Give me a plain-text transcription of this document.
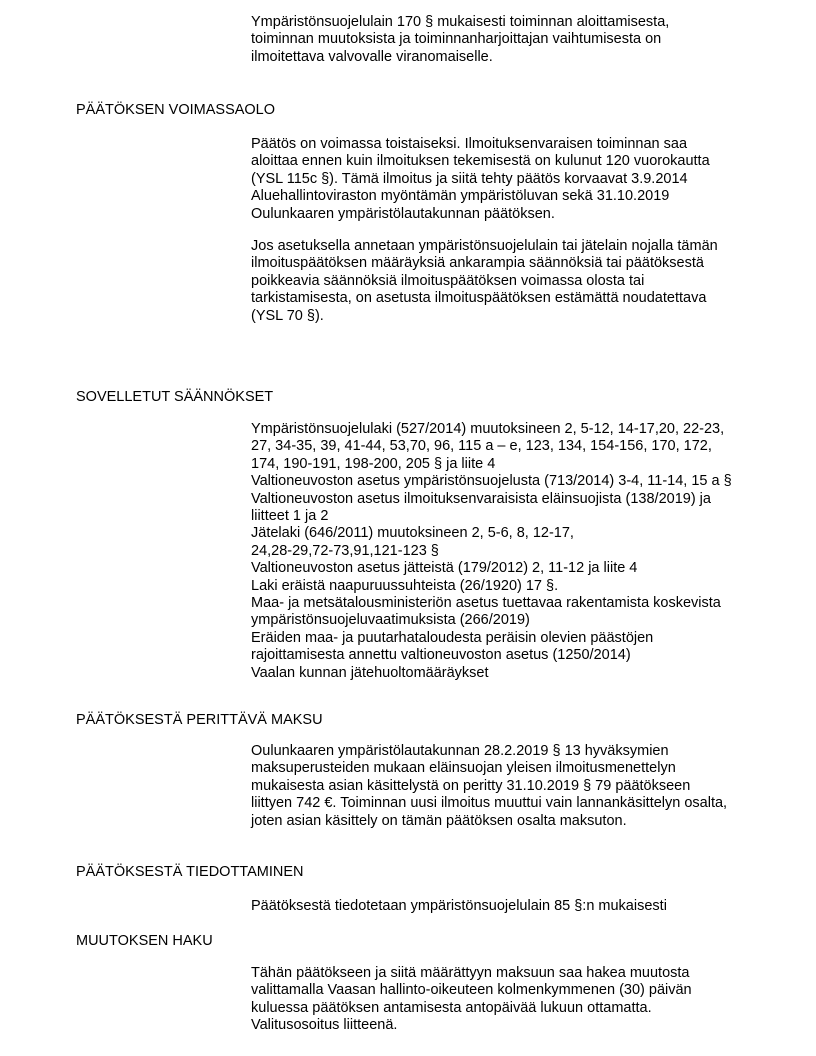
Ympäristönsuojelulain 170 § mukaisesti toiminnan aloittamisesta,
toiminnan muutoksista ja toiminnanharjoittajan vaihtumisesta on
ilmoitettava valvovalle viranomaiselle.
PÄÄTÖKSEN VOIMASSAOLO
Päätös on voimassa toistaiseksi. Ilmoituksenvaraisen toiminnan saa
aloittaa ennen kuin ilmoituksen tekemisestä on kulunut 120 vuorokautta
(YSL 115c §). Tämä ilmoitus ja siitä tehty päätös korvaavat 3.9.2014
Aluehallintoviraston myöntämän ympäristöluvan sekä 31.10.2019
Oulunkaaren ympäristölautakunnan päätöksen.
Jos asetuksella annetaan ympäristönsuojelulain tai jätelain nojalla tämän
ilmoituspäätöksen määräyksiä ankarampia säännöksiä tai päätöksestä
poikkeavia säännöksiä ilmoituspäätöksen voimassa olosta tai
tarkistamisesta, on asetusta ilmoituspäätöksen estämättä noudatettava
(YSL 70 §).
SOVELLETUT SÄÄNNÖKSET
Ympäristönsuojelulaki (527/2014) muutoksineen 2, 5-12, 14-17,20, 22-23,
27, 34-35, 39, 41-44, 53,70, 96, 115 a – e, 123, 134, 154-156, 170, 172,
174, 190-191, 198-200, 205 § ja liite 4
Valtioneuvoston asetus ympäristönsuojelusta (713/2014) 3-4, 11-14, 15 a §
Valtioneuvoston asetus ilmoituksenvaraisista eläinsuojista (138/2019) ja
liitteet 1 ja 2
Jätelaki (646/2011) muutoksineen 2, 5-6, 8, 12-17,
24,28-29,72-73,91,121-123 §
Valtioneuvoston asetus jätteistä (179/2012) 2, 11-12 ja liite 4
Laki eräistä naapuruussuhteista (26/1920) 17 §.
Maa- ja metsätalousministeriön asetus tuettavaa rakentamista koskevista
ympäristönsuojeluvaatimuksista (266/2019)
Eräiden maa- ja puutarhataloudesta peräisin olevien päästöjen
rajoittamisesta annettu valtioneuvoston asetus (1250/2014)
Vaalan kunnan jätehuoltomääräykset
PÄÄTÖKSESTÄ PERITTÄVÄ MAKSU
Oulunkaaren ympäristölautakunnan 28.2.2019 § 13 hyväksymien
maksuperusteiden mukaan eläinsuojan yleisen ilmoitusmenettelyn
mukaisesta asian käsittelystä on peritty 31.10.2019 § 79 päätökseen
liittyen 742 €. Toiminnan uusi ilmoitus muuttui vain lannankäsittelyn osalta,
joten asian käsittely on tämän päätöksen osalta maksuton.
PÄÄTÖKSESTÄ TIEDOTTAMINEN
Päätöksestä tiedotetaan ympäristönsuojelulain 85 §:n mukaisesti
MUUTOKSEN HAKU
Tähän päätökseen ja siitä määrättyyn maksuun saa hakea muutosta
valittamalla Vaasan hallinto-oikeuteen kolmenkymmenen (30) päivän
kuluessa päätöksen antamisesta antopäivää lukuun ottamatta.
Valitusosoitus liitteenä.
